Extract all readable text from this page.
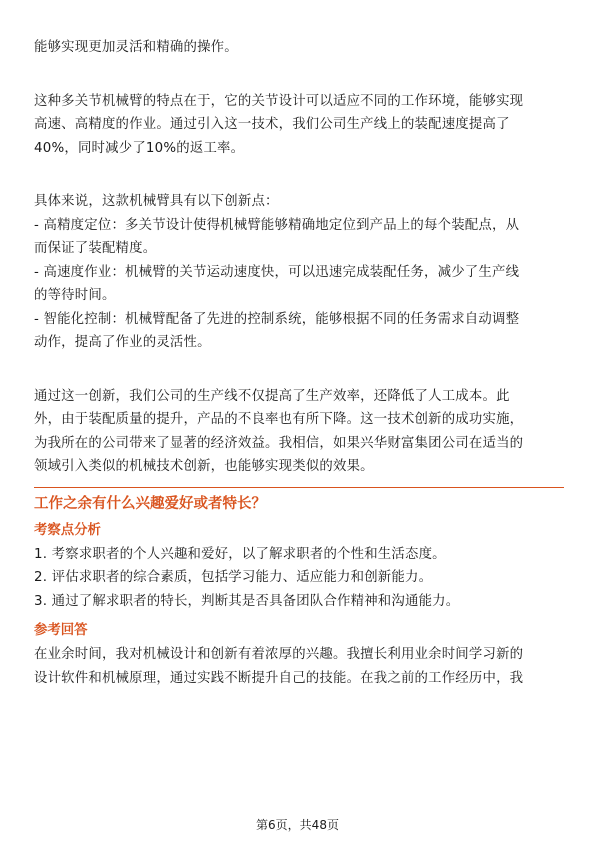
能够实现更加灵活和精确的操作。

这种多关节机械臂的特点在于，它的关节设计可以适应不同的工作环境，能够实现

高速、高精度的作业。通过引入这一技术，我们公司生产线上的装配速度提高了

40%，同时减少了10%的返工率。

具体来说，这款机械臂具有以下创新点：

- 高精度定位：多关节设计使得机械臂能够精确地定位到产品上的每个装配点，从

而保证了装配精度。

- 高速度作业：机械臂的关节运动速度快，可以迅速完成装配任务，减少了生产线

的等待时间。

- 智能化控制：机械臂配备了先进的控制系统，能够根据不同的任务需求自动调整

动作，提高了作业的灵活性。

通过这一创新，我们公司的生产线不仅提高了生产效率，还降低了人工成本。此

外，由于装配质量的提升，产品的不良率也有所下降。这一技术创新的成功实施，

为我所在的公司带来了显著的经济效益。我相信，如果兴华财富集团公司在适当的

领域引入类似的机械技术创新，也能够实现类似的效果。

工作之余有什么兴趣爱好或者特长？

考察点分析

1. 考察求职者的个人兴趣和爱好，以了解求职者的个性和生活态度。

2. 评估求职者的综合素质，包括学习能力、适应能力和创新能力。

3. 通过了解求职者的特长，判断其是否具备团队合作精神和沟通能力。

参考回答

在业余时间，我对机械设计和创新有着浓厚的兴趣。我擅长利用业余时间学习新的

设计软件和机械原理，通过实践不断提升自己的技能。在我之前的工作经历中，我

第6页，共48页
